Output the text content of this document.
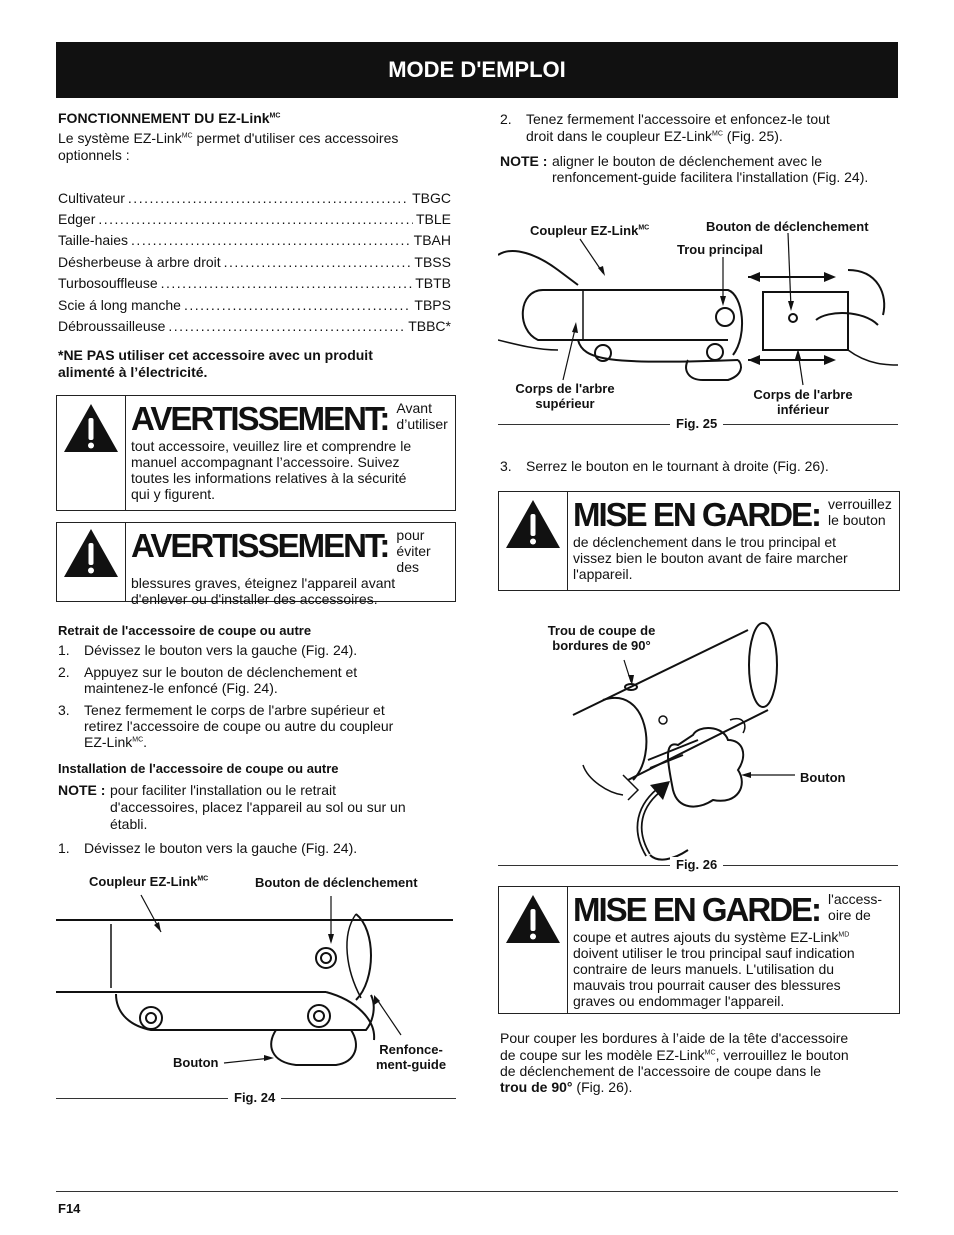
MODE D'EMPLOI
FONCTIONNEMENT DU EZ-Link$^{MC}$
Le système EZ-Link$^{MC}$ permet d'utiliser ces accessoires
optionnels :
Cultivateur .....	TBGC
Edger .....	TBLE
Taille-haies .....	TBAH
Désherbeuse à arbre droit .....	TBSS
Turbosouffleuse .....	TBTB
Scie á long manche .....	TBPS
Débroussailleuse .....	TBBC*
*NE PAS utiliser cet accessoire avec un produit
alimenté à l’électricité.
AVERTISSEMENT: Avant
d’utiliser
tout accessoire, veuillez lire et comprendre le
manuel accompagnant l’accessoire. Suivez
toutes les informations relatives à la sécurité
qui y figurent.
AVERTISSEMENT: pour éviter
des
blessures graves, éteignez l'appareil avant
d'enlever ou d'installer des accessoires.
Retrait de l'accessoire de coupe ou autre
1. Dévissez le bouton vers la gauche (Fig. 24).
2. Appuyez sur le bouton de déclenchement et
maintenez-le enfoncé (Fig. 24).
3. Tenez fermement le corps de l'arbre supérieur et
retirez l'accessoire de coupe ou autre du coupleur
EZ-Link$^{MC}$.
Installation de l'accessoire de coupe ou autre
NOTE : pour faciliter l'installation ou le retrait
d'accessoires, placez l'appareil au sol ou sur un
établi.
1. Dévissez le bouton vers la gauche (Fig. 24).
Coupleur EZ-Link$^{MC}$	Bouton de déclenchement
Bouton
Renfonce-
ment-guide
Fig. 24
2. Tenez fermement l'accessoire et enfoncez-le tout
droit dans le coupleur EZ-Link$^{MC}$ (Fig. 25).
NOTE : aligner le bouton de déclenchement avec le
renfoncement-guide facilitera l'installation (Fig. 24).
Coupleur EZ-Link$^{MC}$	Bouton de déclenchement
Trou principal
Corps de l'arbre
supérieur
Corps de l'arbre
inférieur
Fig. 25
3. Serrez le bouton en le tournant à droite (Fig. 26).
MISE EN GARDE: verrouillez
le bouton
de déclenchement dans le trou principal et
vissez bien le bouton avant de faire marcher
l'appareil.
Trou de coupe de
bordures de 90°
Bouton
Fig. 26
MISE EN GARDE: l'access-
oire de
coupe et autres ajouts du système EZ-Link$^{MD}$
doivent utiliser le trou principal sauf indication
contraire de leurs manuels. L'utilisation du
mauvais trou pourrait causer des blessures
graves ou endommager l'appareil.
Pour couper les bordures à l’aide de la tête d'accessoire
de coupe sur les modèle EZ-Link$^{MC}$, verrouillez le bouton
de déclenchement de l'accessoire de coupe dans le
trou de 90° (Fig. 26).
F14
